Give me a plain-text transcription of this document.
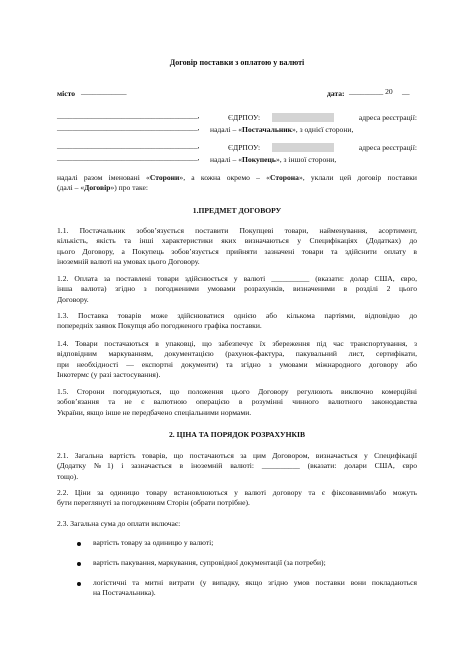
Договір поставки з оплатою у валюті
місто ____________	дата: _________ 20 __
_____________________________________,	ЄДРПОУ:	адреса реєстрації:
_____________________________________, надалі – «Постачальник», з однієї сторони,
_____________________________________,	ЄДРПОУ:	адреса реєстрації:
_____________________________________, надалі – «Покупець», з іншої сторони,
надалі разом іменовані «Сторони», а кожна окремо – «Сторона», уклали цей договір поставки
(далі – «Договір») про таке:
1.ПРЕДМЕТ ДОГОВОРУ
1.1. Постачальник зобов’язується поставити Покупцеві товари, найменування, асортимент,
кількість, якість та інші характеристики яких визначаються у Специфікаціях (Додатках) до
цього Договору, а Покупець зобов’язується прийняти зазначені товари та здійснити оплату в
іноземній валюті на умовах цього Договору.
1.2. Оплата за поставлені товари здійснюється у валюті __________ (вказати: долар США, євро,
інша валюта) згідно з погодженими умовами розрахунків, визначеними в розділі 2 цього
Договору.
1.3. Поставка товарів може здійснюватися однією або кількома партіями, відповідно до
попередніх заявок Покупця або погодженого графіка поставки.
1.4. Товари постачаються в упаковці, що забезпечує їх збереження під час транспортування, з
відповідним маркуванням, документацією (рахунок-фактура, пакувальний лист, сертифікати,
при необхідності — експортні документи) та згідно з умовами міжнародного договору або
Інкотермс (у разі застосування).
1.5. Сторони погоджуються, що положення цього Договору регулюють виключно комерційні
зобов’язання та не є валютною операцією в розумінні чинного валютного законодавства
України, якщо інше не передбачено спеціальними нормами.
2. ЦІНА ТА ПОРЯДОК РОЗРАХУНКІВ
2.1. Загальна вартість товарів, що постачаються за цим Договором, визначається у Специфікації
(Додатку №1) і зазначається в іноземній валюті: __________ (вказати: долари США, євро
тощо).
2.2. Ціни за одиницю товару встановлюються у валюті договору та є фіксованими/або можуть
бути переглянуті за погодженням Сторін (обрати потрібне).
2.3. Загальна сума до оплати включає:
вартість товару за одиницю у валюті;
вартість пакування, маркування, супровідної документації (за потреби);
логістичні та митні витрати (у випадку, якщо згідно умов поставки вони покладаються
на Постачальника).
